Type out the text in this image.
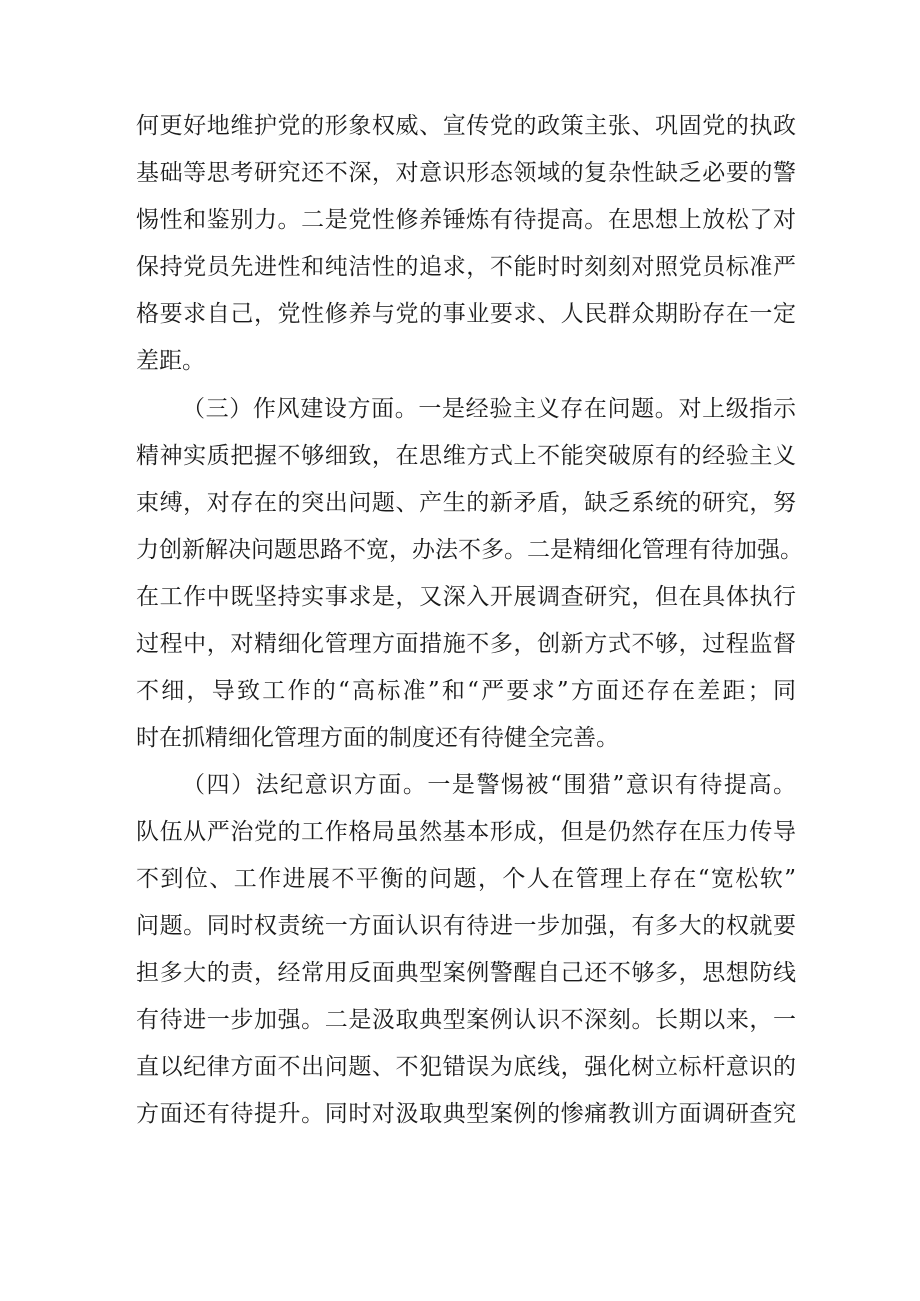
何更好地维护党的形象权威、宣传党的政策主张、巩固党的执政
基础等思考研究还不深，对意识形态领域的复杂性缺乏必要的警
惕性和鉴别力。二是党性修养锤炼有待提高。在思想上放松了对
保持党员先进性和纯洁性的追求，不能时时刻刻对照党员标准严
格要求自己，党性修养与党的事业要求、人民群众期盼存在一定
差距。
（三）作风建设方面。一是经验主义存在问题。对上级指示
精神实质把握不够细致，在思维方式上不能突破原有的经验主义
束缚，对存在的突出问题、产生的新矛盾，缺乏系统的研究，努
力创新解决问题思路不宽，办法不多。二是精细化管理有待加强。
在工作中既坚持实事求是，又深入开展调查研究，但在具体执行
过程中，对精细化管理方面措施不多，创新方式不够，过程监督
不细，导致工作的“高标准”和“严要求”方面还存在差距；同
时在抓精细化管理方面的制度还有待健全完善。
（四）法纪意识方面。一是警惕被“围猎”意识有待提高。
队伍从严治党的工作格局虽然基本形成，但是仍然存在压力传导
不到位、工作进展不平衡的问题，个人在管理上存在“宽松软”
问题。同时权责统一方面认识有待进一步加强，有多大的权就要
担多大的责，经常用反面典型案例警醒自己还不够多，思想防线
有待进一步加强。二是汲取典型案例认识不深刻。长期以来，一
直以纪律方面不出问题、不犯错误为底线，强化树立标杆意识的
方面还有待提升。同时对汲取典型案例的惨痛教训方面调研查究
